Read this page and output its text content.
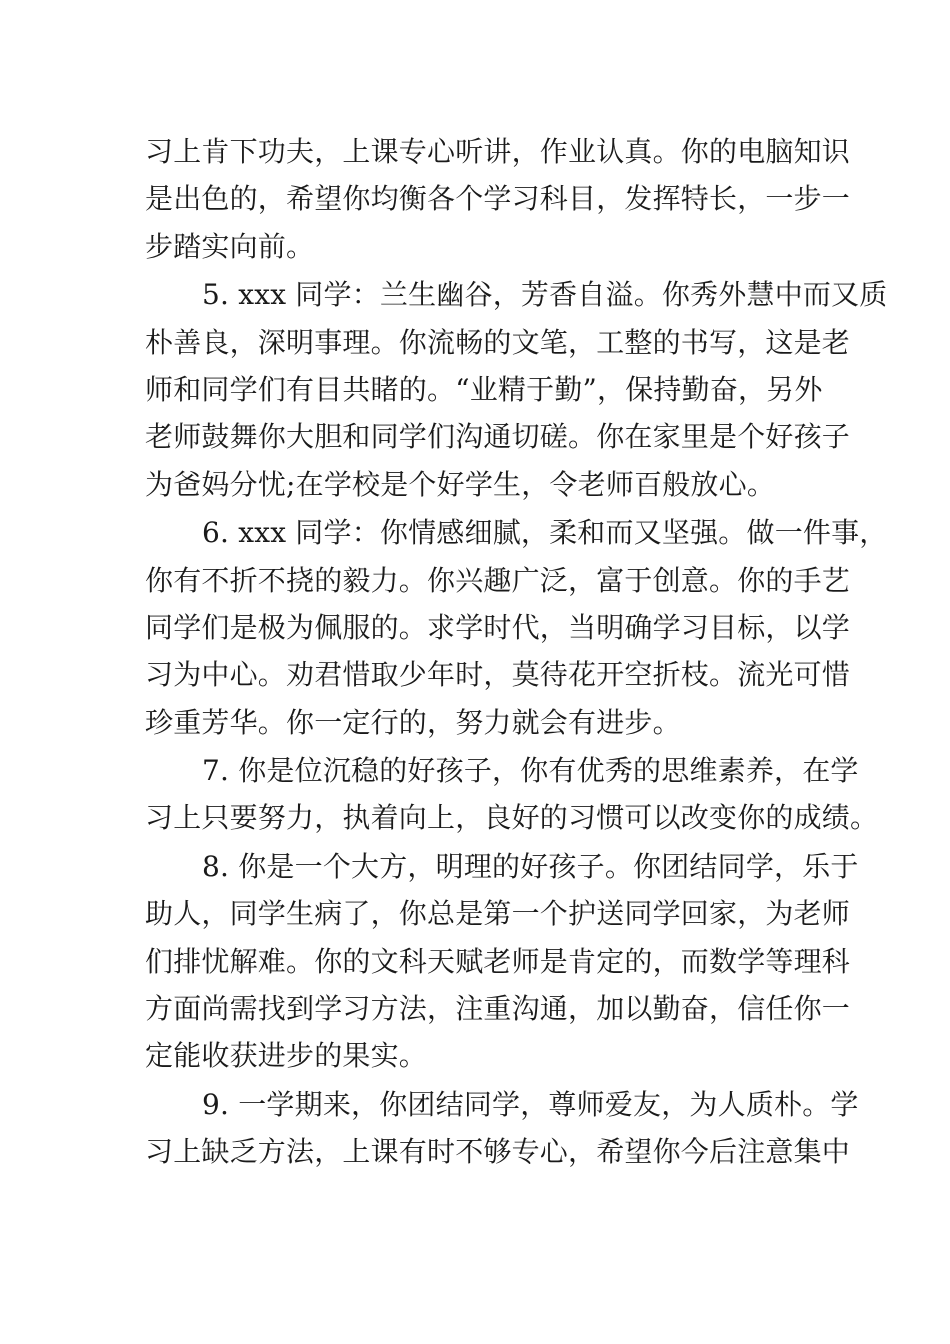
习上肯下功夫，上课专心听讲，作业认真。你的电脑知识
是出色的，希望你均衡各个学习科目，发挥特长，一步一
步踏实向前。
5. xxx 同学：兰生幽谷，芳香自溢。你秀外慧中而又质
朴善良，深明事理。你流畅的文笔，工整的书写，这是老
师和同学们有目共睹的。“业精于勤”，保持勤奋，另外
老师鼓舞你大胆和同学们沟通切磋。你在家里是个好孩子
为爸妈分忧;在学校是个好学生，令老师百般放心。
6. xxx 同学：你情感细腻，柔和而又坚强。做一件事，
你有不折不挠的毅力。你兴趣广泛，富于创意。你的手艺
同学们是极为佩服的。求学时代，当明确学习目标，以学
习为中心。劝君惜取少年时，莫待花开空折枝。流光可惜
珍重芳华。你一定行的，努力就会有进步。
7. 你是位沉稳的好孩子，你有优秀的思维素养，在学
习上只要努力，执着向上，良好的习惯可以改变你的成绩。
8. 你是一个大方，明理的好孩子。你团结同学，乐于
助人，同学生病了，你总是第一个护送同学回家，为老师
们排忧解难。你的文科天赋老师是肯定的，而数学等理科
方面尚需找到学习方法，注重沟通，加以勤奋，信任你一
定能收获进步的果实。
9. 一学期来，你团结同学，尊师爱友，为人质朴。学
习上缺乏方法，上课有时不够专心，希望你今后注意集中
